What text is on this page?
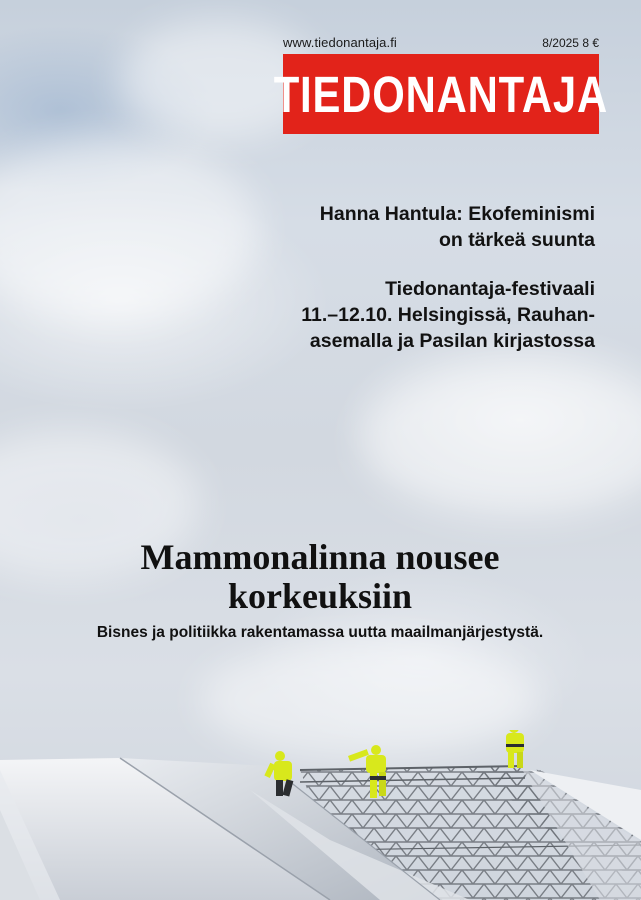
www.tiedonantaja.fi	8/2025 8 €
TIEDONANTAJA
Hanna Hantula: Ekofeminismi
on tärkeä suunta
Tiedonantaja-festivaali
11.–12.10. Helsingissä, Rauhan-
asemalla ja Pasilan kirjastossa
Mammonalinna nousee
korkeuksiin
Bisnes ja politiikka rakentamassa uutta maailmanjärjestystä.
